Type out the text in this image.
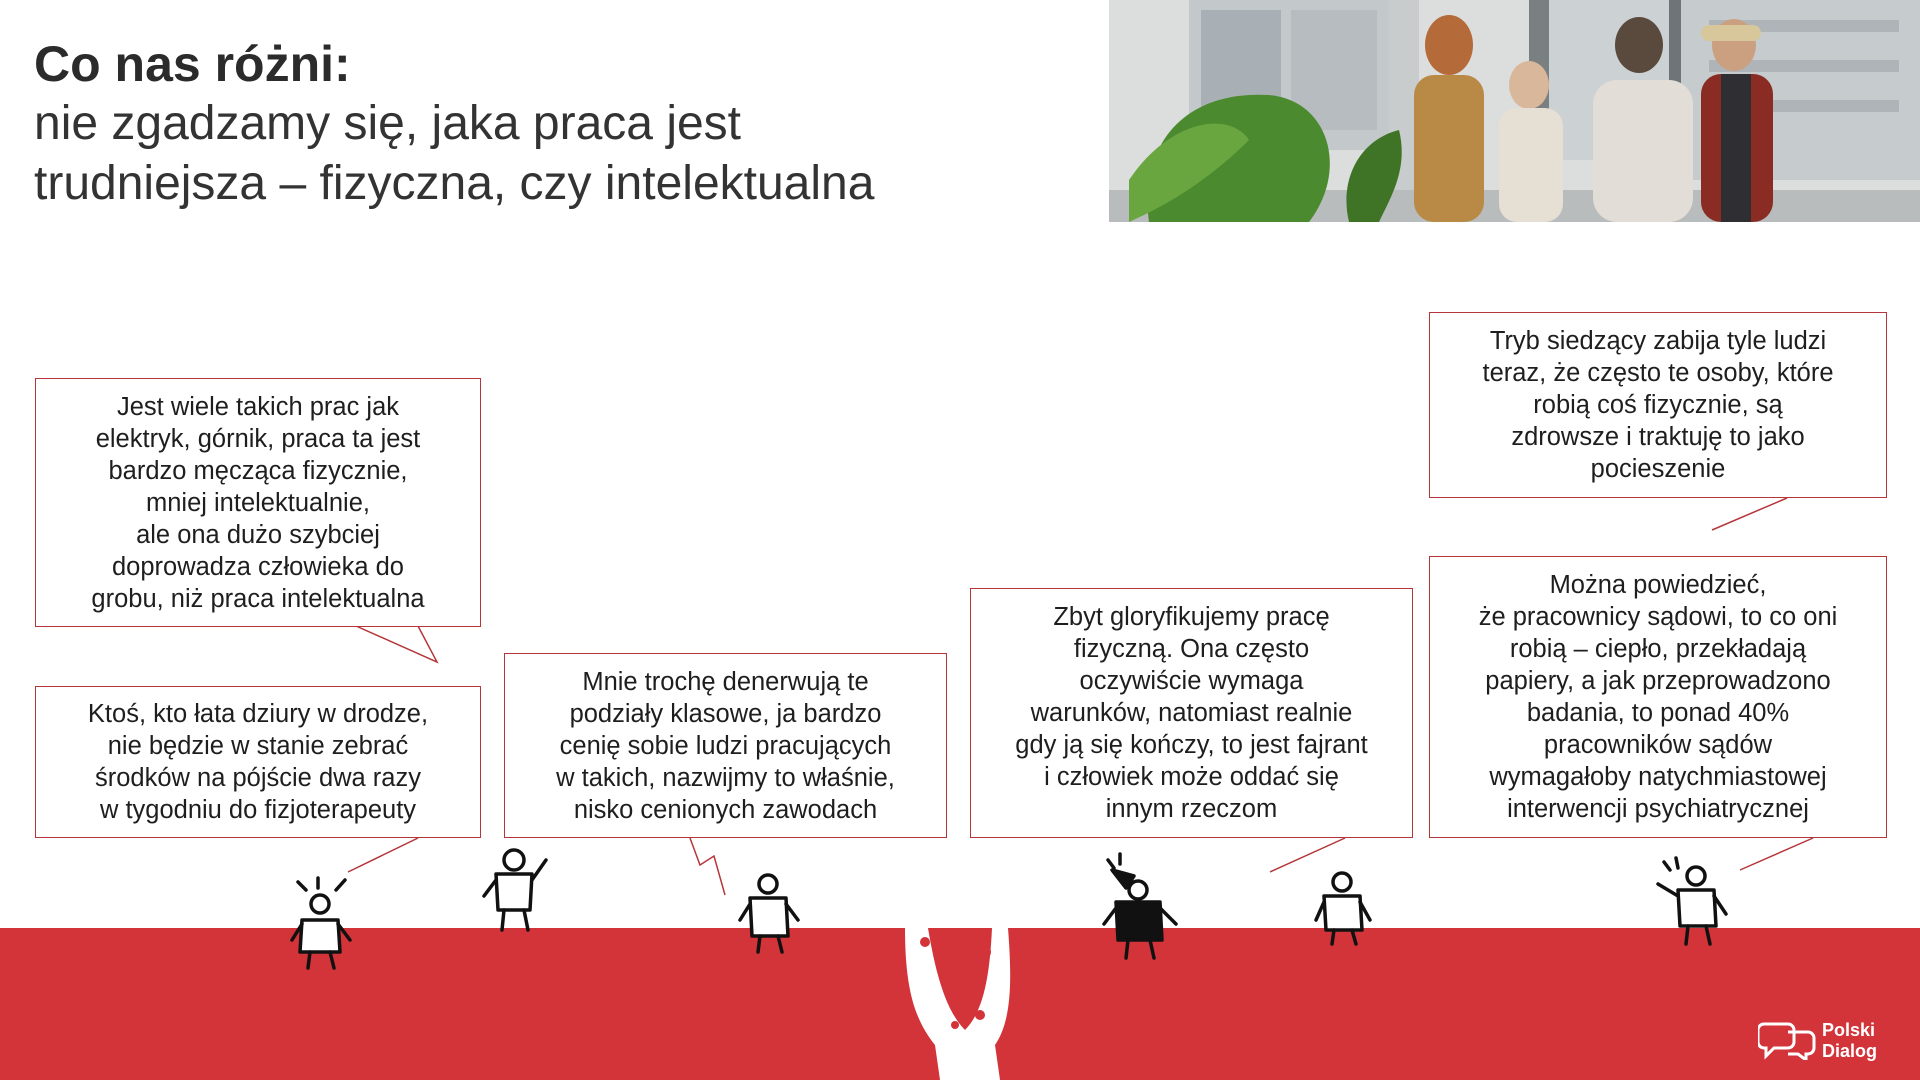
Co nas różni:

nie zgadzamy się, jaka praca jest
trudniejsza – fizyczna, czy intelektualna

Jest wiele takich prac jak
elektryk, górnik, praca ta jest
bardzo męcząca fizycznie,
mniej intelektualnie,
ale ona dużo szybciej
doprowadza człowieka do
grobu, niż praca intelektualna
Ktoś, kto łata dziury w drodze,
nie będzie w stanie zebrać
środków na pójście dwa razy
w tygodniu do fizjoterapeuty
Mnie trochę denerwują te
podziały klasowe, ja bardzo
cenię sobie ludzi pracujących
w takich, nazwijmy to właśnie,
nisko cenionych zawodach
Zbyt gloryfikujemy pracę
fizyczną. Ona często
oczywiście wymaga
warunków, natomiast realnie
gdy ją się kończy, to jest fajrant
i człowiek może oddać się
innym rzeczom
Tryb siedzący zabija tyle ludzi
teraz, że często te osoby, które
robią coś fizycznie, są
zdrowsze i traktuję to jako
pocieszenie
Można powiedzieć,
że pracownicy sądowi, to co oni
robią – ciepło, przekładają
papiery, a jak przeprowadzono
badania, to ponad 40%
pracowników sądów
wymagałoby natychmiastowej
interwencji psychiatrycznej
Polski
Dialog
